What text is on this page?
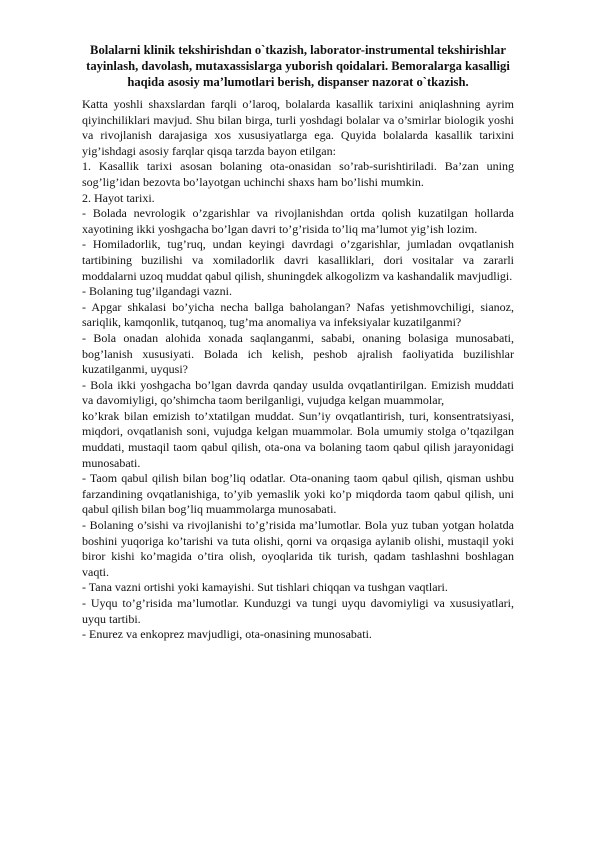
Bolalarni klinik tekshirishdan o`tkazish, laborator-instrumental tekshirishlar tayinlash, davolash, mutaxassislarga yuborish qoidalari. Bemoralarga kasalligi haqida asosiy ma’lumotlari berish, dispanser nazorat o`tkazish.

Katta yoshli shaxslardan farqli o’laroq, bolalarda kasallik tarixini aniqlashning ayrim qiyinchiliklari mavjud. Shu bilan birga, turli yoshdagi bolalar va o’smirlar biologik yoshi va rivojlanish darajasiga xos xususiyatlarga ega. Quyida bolalarda kasallik tarixini yig’ishdagi asosiy farqlar qisqa tarzda bayon etilgan:

1. Kasallik tarixi asosan bolaning ota-onasidan so’rab-surishtiriladi. Ba’zan uning sog’lig’idan bezovta bo’layotgan uchinchi shaxs ham bo’lishi mumkin.

2. Hayot tarixi.

- Bolada nevrologik o’zgarishlar va rivojlanishdan ortda qolish kuzatilgan hollarda xayotining ikki yoshgacha bo’lgan davri to’g’risida to’liq ma’lumot yig’ish lozim.

- Homiladorlik, tug’ruq, undan keyingi davrdagi o’zgarishlar, jumladan ovqatlanish tartibining buzilishi va xomiladorlik davri kasalliklari, dori vositalar va zararli moddalarni uzoq muddat qabul qilish, shuningdek alkogolizm va kashandalik mavjudligi.

- Bolaning tug’ilgandagi vazni.

- Apgar shkalasi bo’yicha necha ballga baholangan? Nafas yetishmovchiligi, sianoz, sariqlik, kamqonlik, tutqanoq, tug’ma anomaliya va infeksiyalar kuzatilganmi?

- Bola onadan alohida xonada saqlanganmi, sababi, onaning bolasiga munosabati, bog’lanish xususiyati. Bolada ich kelish, peshob ajralish faoliyatida buzilishlar kuzatilganmi, uyqusi?

- Bola ikki yoshgacha bo’lgan davrda qanday usulda ovqatlantirilgan. Emizish muddati va davomiyligi, qo’shimcha taom berilganligi, vujudga kelgan muammolar,

ko’krak bilan emizish to’xtatilgan muddat. Sun’iy ovqatlantirish, turi, konsentratsiyasi, miqdori, ovqatlanish soni, vujudga kelgan muammolar. Bola umumiy stolga o’tqazilgan muddati, mustaqil taom qabul qilish, ota-ona va bolaning taom qabul qilish jarayonidagi munosabati.

- Taom qabul qilish bilan bog’liq odatlar. Ota-onaning taom qabul qilish, qisman ushbu farzandining ovqatlanishiga, to’yib yemaslik yoki ko’p miqdorda taom qabul qilish, uni qabul qilish bilan bog’liq muammolarga munosabati.

- Bolaning o’sishi va rivojlanishi to’g’risida ma’lumotlar. Bola yuz tuban yotgan holatda boshini yuqoriga ko’tarishi va tuta olishi, qorni va orqasiga aylanib olishi, mustaqil yoki biror kishi ko’magida o’tira olish, oyoqlarida tik turish, qadam tashlashni boshlagan vaqti.

- Tana vazni ortishi yoki kamayishi. Sut tishlari chiqqan va tushgan vaqtlari.

- Uyqu to’g’risida ma’lumotlar. Kunduzgi va tungi uyqu davomiyligi va xususiyatlari, uyqu tartibi.

- Enurez va enkoprez mavjudligi, ota-onasining munosabati.
